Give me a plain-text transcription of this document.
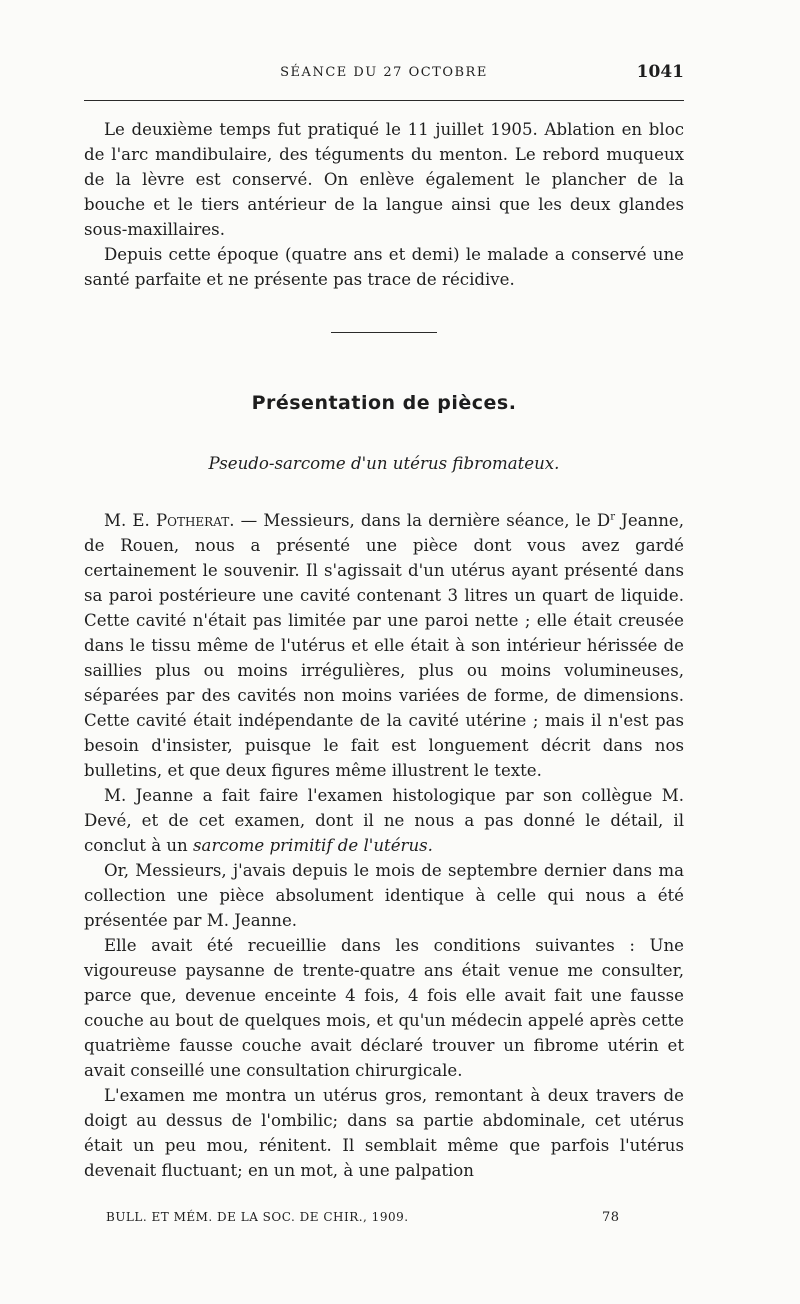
SÉANCE DU 27 OCTOBRE	1041

Le deuxième temps fut pratiqué le 11 juillet 1905. Ablation en bloc de l'arc mandibulaire, des téguments du menton. Le rebord muqueux de la lèvre est conservé. On enlève également le plancher de la bouche et le tiers antérieur de la langue ainsi que les deux glandes sous-maxillaires.

Depuis cette époque (quatre ans et demi) le malade a conservé une santé parfaite et ne présente pas trace de récidive.

Présentation de pièces.
Pseudo-sarcome d'un utérus fibromateux.

M. E. Potherat. — Messieurs, dans la dernière séance, le $D^r$ Jeanne, de Rouen, nous a présenté une pièce dont vous avez gardé certainement le souvenir. Il s'agissait d'un utérus ayant présenté dans sa paroi postérieure une cavité contenant 3 litres un quart de liquide. Cette cavité n'était pas limitée par une paroi nette ; elle était creusée dans le tissu même de l'utérus et elle était à son intérieur hérissée de saillies plus ou moins irrégulières, plus ou moins volumineuses, séparées par des cavités non moins variées de forme, de dimensions. Cette cavité était indépendante de la cavité utérine ; mais il n'est pas besoin d'insister, puisque le fait est longuement décrit dans nos bulletins, et que deux figures même illustrent le texte.

M. Jeanne a fait faire l'examen histologique par son collègue M. Devé, et de cet examen, dont il ne nous a pas donné le détail, il conclut à un sarcome primitif de l'utérus.

Or, Messieurs, j'avais depuis le mois de septembre dernier dans ma collection une pièce absolument identique à celle qui nous a été présentée par M. Jeanne.

Elle avait été recueillie dans les conditions suivantes : Une vigoureuse paysanne de trente-quatre ans était venue me consulter, parce que, devenue enceinte 4 fois, 4 fois elle avait fait une fausse couche au bout de quelques mois, et qu'un médecin appelé après cette quatrième fausse couche avait déclaré trouver un fibrome utérin et avait conseillé une consultation chirurgicale.

L'examen me montra un utérus gros, remontant à deux travers de doigt au dessus de l'ombilic; dans sa partie abdominale, cet utérus était un peu mou, rénitent. Il semblait même que parfois l'utérus devenait fluctuant; en un mot, à une palpation

BULL. ET MÉM. DE LA SOC. DE CHIR., 1909.	78
